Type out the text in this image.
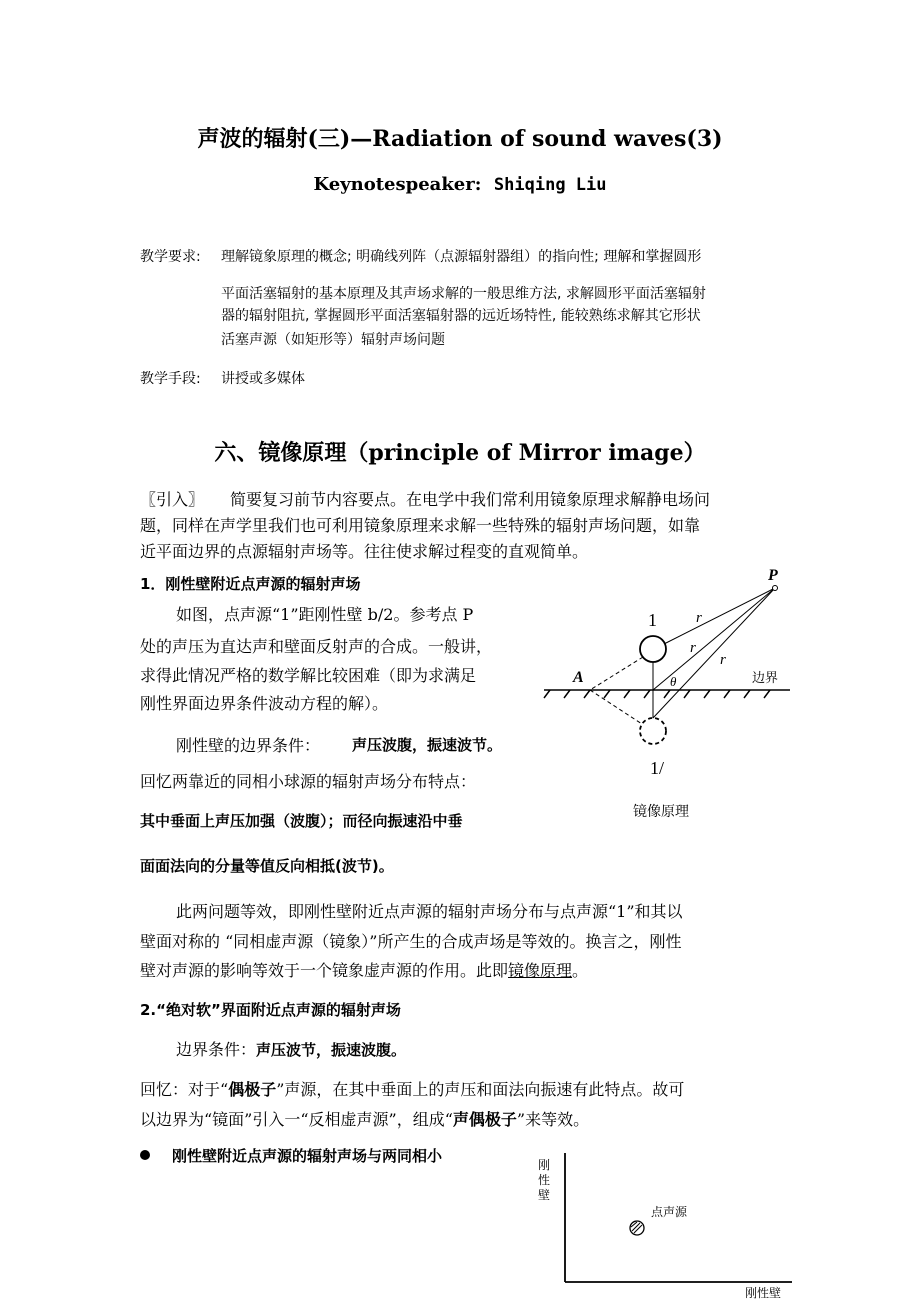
声波的辐射(三)—Radiation of sound waves(3)
Keynotespeaker: Shiqing Liu
教学要求: 理解镜象原理的概念; 明确线列阵（点源辐射器组）的指向性; 理解和掌握圆形
平面活塞辐射的基本原理及其声场求解的一般思维方法, 求解圆形平面活塞辐射
器的辐射阻抗, 掌握圆形平面活塞辐射器的远近场特性, 能较熟练求解其它形状
活塞声源（如矩形等）辐射声场问题
教学手段: 讲授或多媒体
六、镜像原理（principle of Mirror image）
〖引入〗 简要复习前节内容要点。在电学中我们常利用镜象原理求解静电场问
题，同样在声学里我们也可利用镜象原理来求解一些特殊的辐射声场问题，如靠
近平面边界的点源辐射声场等。往往使求解过程变的直观简单。
1．刚性壁附近点声源的辐射声场
如图，点声源“1”距刚性壁 b/2。参考点 P
处的声压为直达声和壁面反射声的合成。一般讲，
求得此情况严格的数学解比较困难（即为求满足
刚性界面边界条件波动方程的解）。
刚性壁的边界条件： 声压波腹，振速波节。
回忆两靠近的同相小球源的辐射声场分布特点：
其中垂面上声压加强（波腹）；而径向振速沿中垂
面面法向的分量等值反向相抵(波节)。
此两问题等效，即刚性壁附近点声源的辐射声场分布与点声源“1”和其以
壁面对称的 “同相虚声源（镜象）”所产生的合成声场是等效的。换言之，刚性
壁对声源的影响等效于一个镜象虚声源的作用。此即镜像原理。
2.“绝对软”界面附近点声源的辐射声场
边界条件：声压波节，振速波腹。
回忆：对于“偶极子”声源，在其中垂面上的声压和面法向振速有此特点。故可
以边界为“镜面”引入一“反相虚声源”，组成“声偶极子”来等效。
刚性壁附近点声源的辐射声场与两同相小
P
1	r
r
r
A	θ	边界
1/
镜像原理
刚
性
壁
点声源
刚性壁
